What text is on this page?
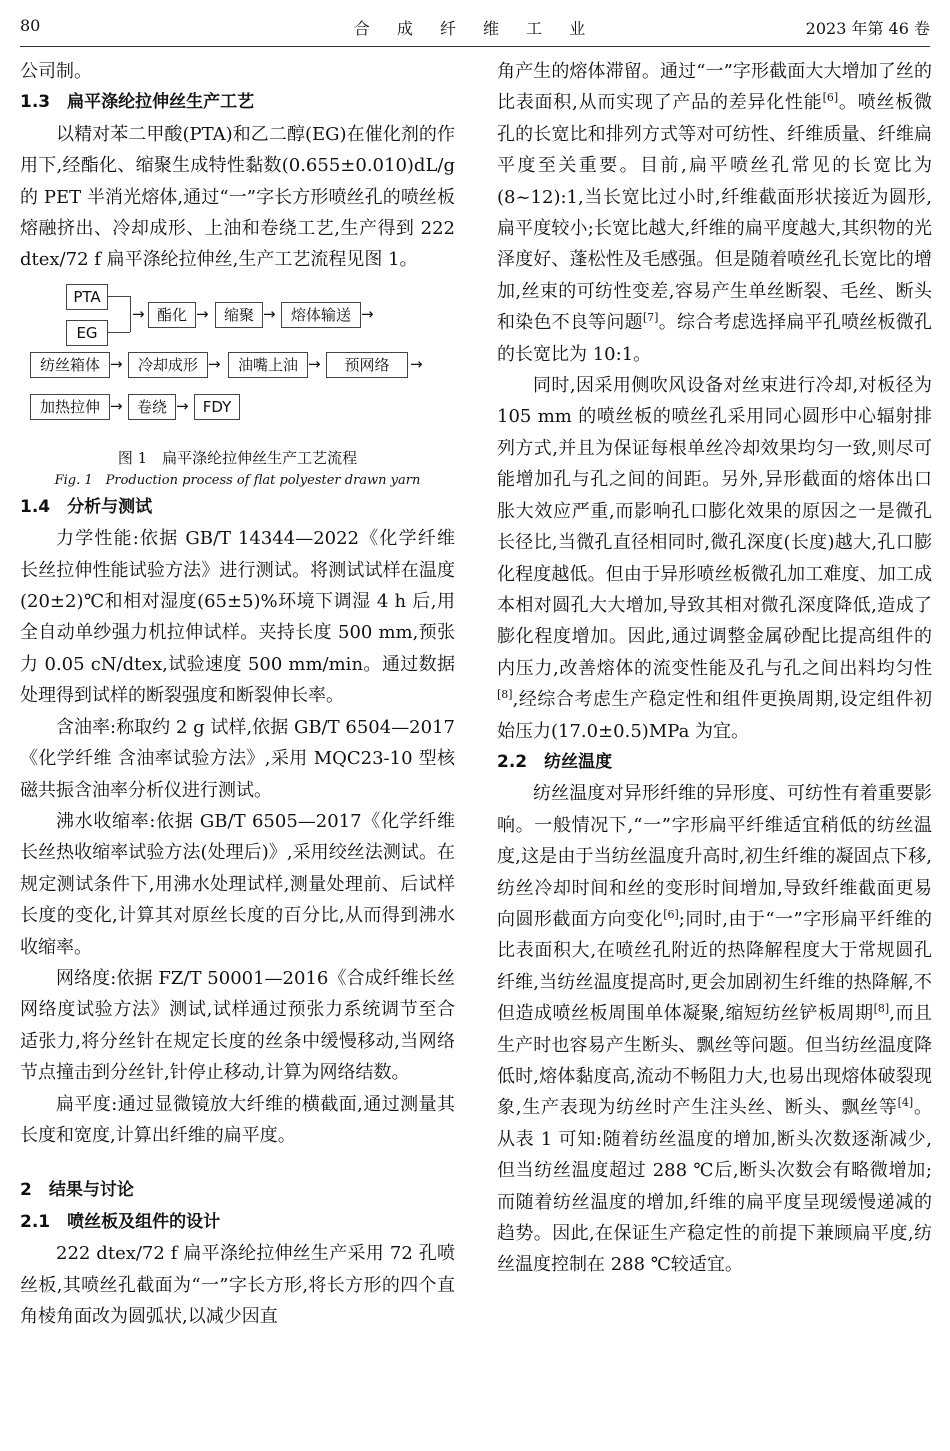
80	合 成 纤 维 工 业	2023 年第 46 卷

公司制。

1.3　扁平涤纶拉伸丝生产工艺

以精对苯二甲酸(PTA)和乙二醇(EG)在催化剂的作用下,经酯化、缩聚生成特性黏数(0.655±0.010)dL/g 的 PET 半消光熔体,通过“一”字长方形喷丝孔的喷丝板熔融挤出、冷却成形、上油和卷绕工艺,生产得到 222 dtex/72 f 扁平涤纶拉伸丝,生产工艺流程见图 1。

PTA
EG
→ 酯化 →	缩聚 →	熔体输送 →
纺丝箱体 →	冷却成形 →	油嘴上油 →	预网络	→
加热拉伸 → 卷绕 → FDY
图 1　扁平涤纶拉伸丝生产工艺流程
Fig. 1　Production process of flat polyester drawn yarn
1.4　分析与测试

力学性能:依据 GB/T 14344—2022《化学纤维 长丝拉伸性能试验方法》进行测试。将测试试样在温度(20±2)℃和相对湿度(65±5)%环境下调湿 4 h 后,用全自动单纱强力机拉伸试样。夹持长度 500 mm,预张力 0.05 cN/dtex,试验速度 500 mm/min。通过数据处理得到试样的断裂强度和断裂伸长率。

含油率:称取约 2 g 试样,依据 GB/T 6504—2017《化学纤维 含油率试验方法》,采用 MQC23-10 型核磁共振含油率分析仪进行测试。

沸水收缩率:依据 GB/T 6505—2017《化学纤维 长丝热收缩率试验方法(处理后)》,采用绞丝法测试。在规定测试条件下,用沸水处理试样,测量处理前、后试样长度的变化,计算其对原丝长度的百分比,从而得到沸水收缩率。

网络度:依据 FZ/T 50001—2016《合成纤维长丝网络度试验方法》测试,试样通过预张力系统调节至合适张力,将分丝针在规定长度的丝条中缓慢移动,当网络节点撞击到分丝针,针停止移动,计算为网络结数。

扁平度:通过显微镜放大纤维的横截面,通过测量其长度和宽度,计算出纤维的扁平度。

2　结果与讨论
2.1　喷丝板及组件的设计

222 dtex/72 f 扁平涤纶拉伸丝生产采用 72 孔喷丝板,其喷丝孔截面为“一”字长方形,将长方形的四个直角棱角面改为圆弧状,以减少因直

角产生的熔体滞留。通过“一”字形截面大大增加了丝的比表面积,从而实现了产品的差异化性能[6]。喷丝板微孔的长宽比和排列方式等对可纺性、纤维质量、纤维扁平度至关重要。目前,扁平喷丝孔常见的长宽比为(8~12):1,当长宽比过小时,纤维截面形状接近为圆形,扁平度较小;长宽比越大,纤维的扁平度越大,其织物的光泽度好、蓬松性及毛感强。但是随着喷丝孔长宽比的增加,丝束的可纺性变差,容易产生单丝断裂、毛丝、断头和染色不良等问题[7]。综合考虑选择扁平孔喷丝板微孔的长宽比为 10:1。

同时,因采用侧吹风设备对丝束进行冷却,对板径为 105 mm 的喷丝板的喷丝孔采用同心圆形中心辐射排列方式,并且为保证每根单丝冷却效果均匀一致,则尽可能增加孔与孔之间的间距。另外,异形截面的熔体出口胀大效应严重,而影响孔口膨化效果的原因之一是微孔长径比,当微孔直径相同时,微孔深度(长度)越大,孔口膨化程度越低。但由于异形喷丝板微孔加工难度、加工成本相对圆孔大大增加,导致其相对微孔深度降低,造成了膨化程度增加。因此,通过调整金属砂配比提高组件的内压力,改善熔体的流变性能及孔与孔之间出料均匀性[8],经综合考虑生产稳定性和组件更换周期,设定组件初始压力(17.0±0.5)MPa 为宜。

2.2　纺丝温度

纺丝温度对异形纤维的异形度、可纺性有着重要影响。一般情况下,“一”字形扁平纤维适宜稍低的纺丝温度,这是由于当纺丝温度升高时,初生纤维的凝固点下移,纺丝冷却时间和丝的变形时间增加,导致纤维截面更易向圆形截面方向变化[6];同时,由于“一”字形扁平纤维的比表面积大,在喷丝孔附近的热降解程度大于常规圆孔纤维,当纺丝温度提高时,更会加剧初生纤维的热降解,不但造成喷丝板周围单体凝聚,缩短纺丝铲板周期[8],而且生产时也容易产生断头、飘丝等问题。但当纺丝温度降低时,熔体黏度高,流动不畅阻力大,也易出现熔体破裂现象,生产表现为纺丝时产生注头丝、断头、飘丝等[4]。从表 1 可知:随着纺丝温度的增加,断头次数逐渐减少,但当纺丝温度超过 288 ℃后,断头次数会有略微增加;而随着纺丝温度的增加,纤维的扁平度呈现缓慢递减的趋势。因此,在保证生产稳定性的前提下兼顾扁平度,纺丝温度控制在 288 ℃较适宜。
